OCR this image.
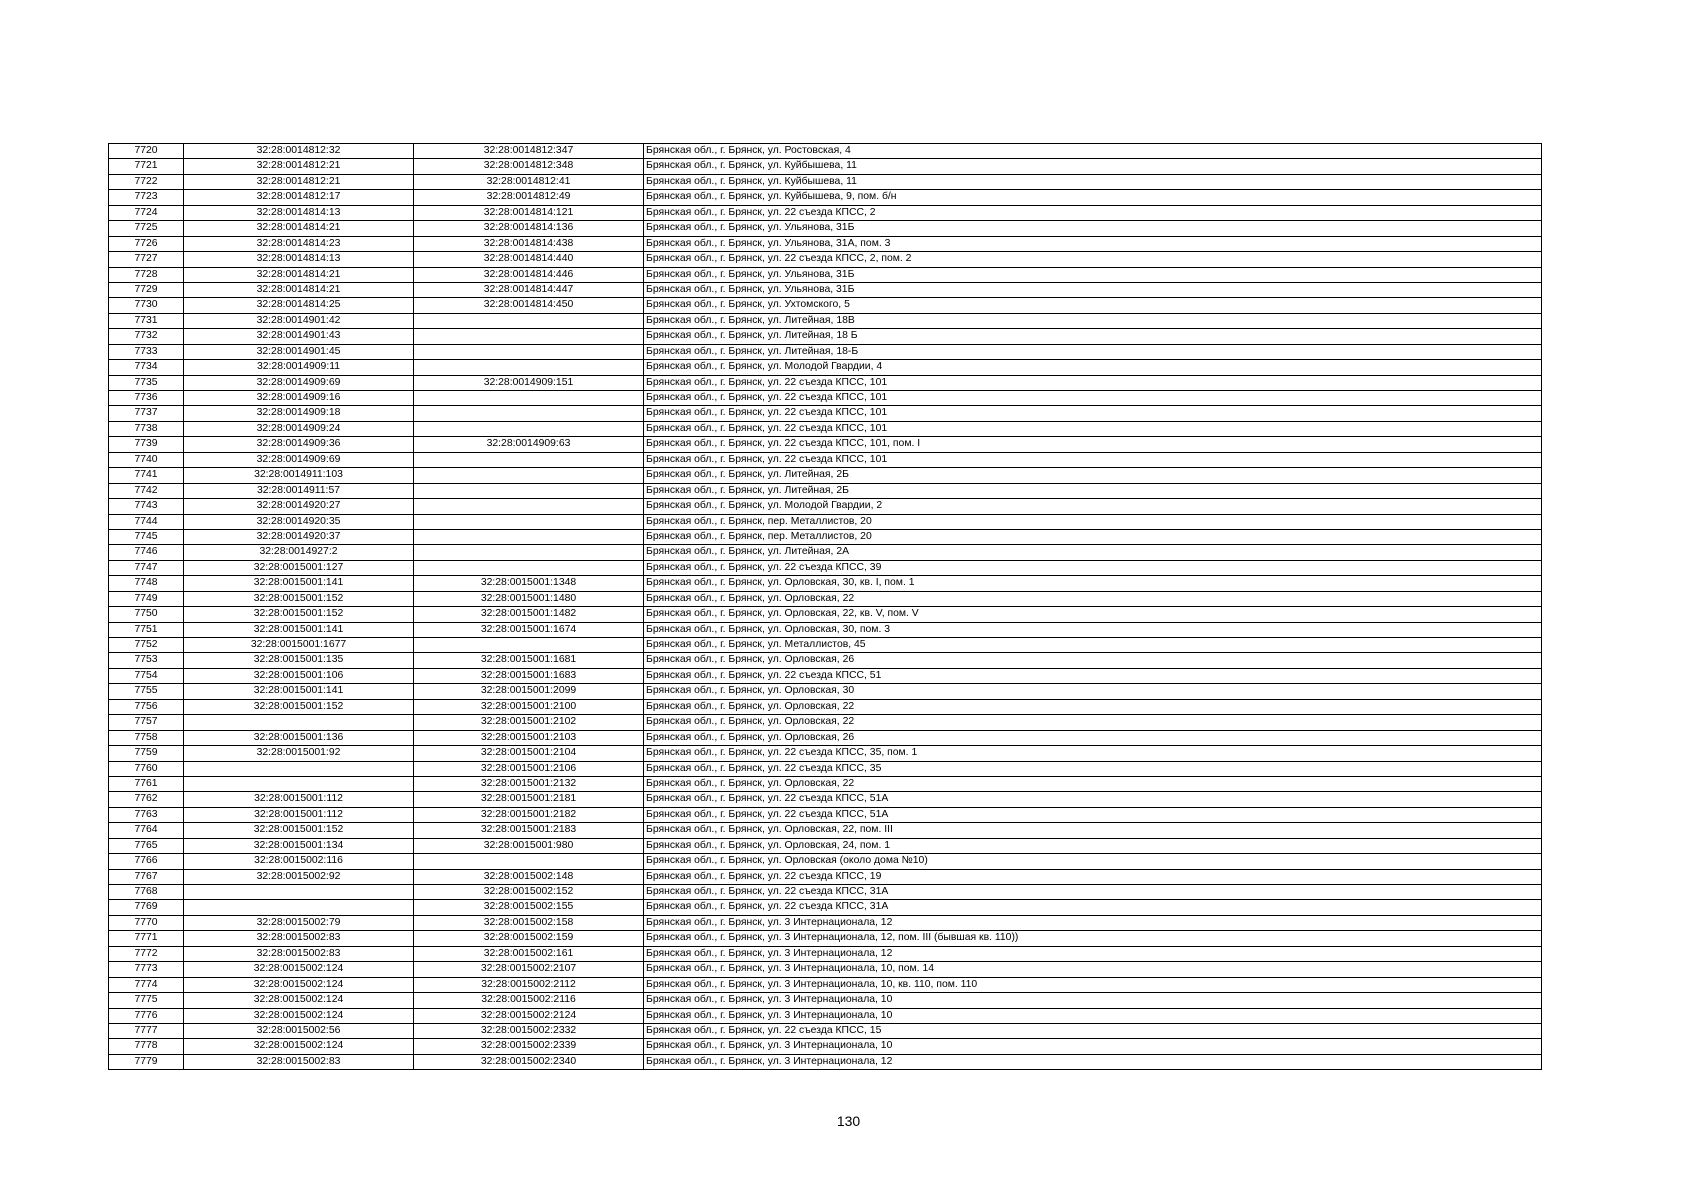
7720	32:28:0014812:32	32:28:0014812:347	Брянская обл., г. Брянск, ул. Ростовская, 4
7721	32:28:0014812:21	32:28:0014812:348	Брянская обл., г. Брянск, ул. Куйбышева, 11
7722	32:28:0014812:21	32:28:0014812:41	Брянская обл., г. Брянск, ул. Куйбышева, 11
7723	32:28:0014812:17	32:28:0014812:49	Брянская обл., г. Брянск, ул. Куйбышева, 9, пом. б/н
7724	32:28:0014814:13	32:28:0014814:121	Брянская обл., г. Брянск, ул. 22 съезда КПСС, 2
7725	32:28:0014814:21	32:28:0014814:136	Брянская обл., г. Брянск, ул. Ульянова, 31Б
7726	32:28:0014814:23	32:28:0014814:438	Брянская обл., г. Брянск, ул. Ульянова, 31А, пом. 3
7727	32:28:0014814:13	32:28:0014814:440	Брянская обл., г. Брянск, ул. 22 съезда КПСС, 2, пом. 2
7728	32:28:0014814:21	32:28:0014814:446	Брянская обл., г. Брянск, ул. Ульянова, 31Б
7729	32:28:0014814:21	32:28:0014814:447	Брянская обл., г. Брянск, ул. Ульянова, 31Б
7730	32:28:0014814:25	32:28:0014814:450	Брянская обл., г. Брянск, ул. Ухтомского, 5
7731	32:28:0014901:42		Брянская обл., г. Брянск, ул. Литейная, 18В
7732	32:28:0014901:43		Брянская обл., г. Брянск, ул. Литейная, 18 Б
7733	32:28:0014901:45		Брянская обл., г. Брянск, ул. Литейная, 18-Б
7734	32:28:0014909:11		Брянская обл., г. Брянск, ул. Молодой Гвардии, 4
7735	32:28:0014909:69	32:28:0014909:151	Брянская обл., г. Брянск, ул. 22 съезда КПСС, 101
7736	32:28:0014909:16		Брянская обл., г. Брянск, ул. 22 съезда КПСС, 101
7737	32:28:0014909:18		Брянская обл., г. Брянск, ул. 22 съезда КПСС, 101
7738	32:28:0014909:24		Брянская обл., г. Брянск, ул. 22 съезда КПСС, 101
7739	32:28:0014909:36	32:28:0014909:63	Брянская обл., г. Брянск, ул. 22 съезда КПСС, 101, пом. I
7740	32:28:0014909:69		Брянская обл., г. Брянск, ул. 22 съезда КПСС, 101
7741	32:28:0014911:103		Брянская обл., г. Брянск, ул. Литейная, 2Б
7742	32:28:0014911:57		Брянская обл., г. Брянск, ул. Литейная, 2Б
7743	32:28:0014920:27		Брянская обл., г. Брянск, ул. Молодой Гвардии, 2
7744	32:28:0014920:35		Брянская обл., г. Брянск, пер. Металлистов, 20
7745	32:28:0014920:37		Брянская обл., г. Брянск, пер. Металлистов, 20
7746	32:28:0014927:2		Брянская обл., г. Брянск, ул. Литейная, 2А
7747	32:28:0015001:127		Брянская обл., г. Брянск, ул. 22 съезда КПСС, 39
7748	32:28:0015001:141	32:28:0015001:1348	Брянская обл., г. Брянск, ул. Орловская, 30, кв. I, пом. 1
7749	32:28:0015001:152	32:28:0015001:1480	Брянская обл., г. Брянск, ул. Орловская, 22
7750	32:28:0015001:152	32:28:0015001:1482	Брянская обл., г. Брянск, ул. Орловская, 22, кв. V, пом. V
7751	32:28:0015001:141	32:28:0015001:1674	Брянская обл., г. Брянск, ул. Орловская, 30, пом. 3
7752	32:28:0015001:1677		Брянская обл., г. Брянск, ул. Металлистов, 45
7753	32:28:0015001:135	32:28:0015001:1681	Брянская обл., г. Брянск, ул. Орловская, 26
7754	32:28:0015001:106	32:28:0015001:1683	Брянская обл., г. Брянск, ул. 22 съезда КПСС, 51
7755	32:28:0015001:141	32:28:0015001:2099	Брянская обл., г. Брянск, ул. Орловская, 30
7756	32:28:0015001:152	32:28:0015001:2100	Брянская обл., г. Брянск, ул. Орловская, 22
7757		32:28:0015001:2102	Брянская обл., г. Брянск, ул. Орловская, 22
7758	32:28:0015001:136	32:28:0015001:2103	Брянская обл., г. Брянск, ул. Орловская, 26
7759	32:28:0015001:92	32:28:0015001:2104	Брянская обл., г. Брянск, ул. 22 съезда КПСС, 35, пом. 1
7760		32:28:0015001:2106	Брянская обл., г. Брянск, ул. 22 съезда КПСС, 35
7761		32:28:0015001:2132	Брянская обл., г. Брянск, ул. Орловская, 22
7762	32:28:0015001:112	32:28:0015001:2181	Брянская обл., г. Брянск, ул. 22 съезда КПСС, 51А
7763	32:28:0015001:112	32:28:0015001:2182	Брянская обл., г. Брянск, ул. 22 съезда КПСС, 51А
7764	32:28:0015001:152	32:28:0015001:2183	Брянская обл., г. Брянск, ул. Орловская, 22, пом. III
7765	32:28:0015001:134	32:28:0015001:980	Брянская обл., г. Брянск, ул. Орловская, 24, пом. 1
7766	32:28:0015002:116		Брянская обл., г. Брянск, ул. Орловская (около дома №10)
7767	32:28:0015002:92	32:28:0015002:148	Брянская обл., г. Брянск, ул. 22 съезда КПСС, 19
7768		32:28:0015002:152	Брянская обл., г. Брянск, ул. 22 съезда КПСС, 31А
7769		32:28:0015002:155	Брянская обл., г. Брянск, ул. 22 съезда КПСС, 31А
7770	32:28:0015002:79	32:28:0015002:158	Брянская обл., г. Брянск, ул. 3 Интернационала, 12
7771	32:28:0015002:83	32:28:0015002:159	Брянская обл., г. Брянск, ул. 3 Интернационала, 12, пом. III (бывшая кв. 110))
7772	32:28:0015002:83	32:28:0015002:161	Брянская обл., г. Брянск, ул. 3 Интернационала, 12
7773	32:28:0015002:124	32:28:0015002:2107	Брянская обл., г. Брянск, ул. 3 Интернационала, 10, пом. 14
7774	32:28:0015002:124	32:28:0015002:2112	Брянская обл., г. Брянск, ул. 3 Интернационала, 10, кв. 110, пом. 110
7775	32:28:0015002:124	32:28:0015002:2116	Брянская обл., г. Брянск, ул. 3 Интернационала, 10
7776	32:28:0015002:124	32:28:0015002:2124	Брянская обл., г. Брянск, ул. 3 Интернационала, 10
7777	32:28:0015002:56	32:28:0015002:2332	Брянская обл., г. Брянск, ул. 22 съезда КПСС, 15
7778	32:28:0015002:124	32:28:0015002:2339	Брянская обл., г. Брянск, ул. 3 Интернационала, 10
7779	32:28:0015002:83	32:28:0015002:2340	Брянская обл., г. Брянск, ул. 3 Интернационала, 12
130
